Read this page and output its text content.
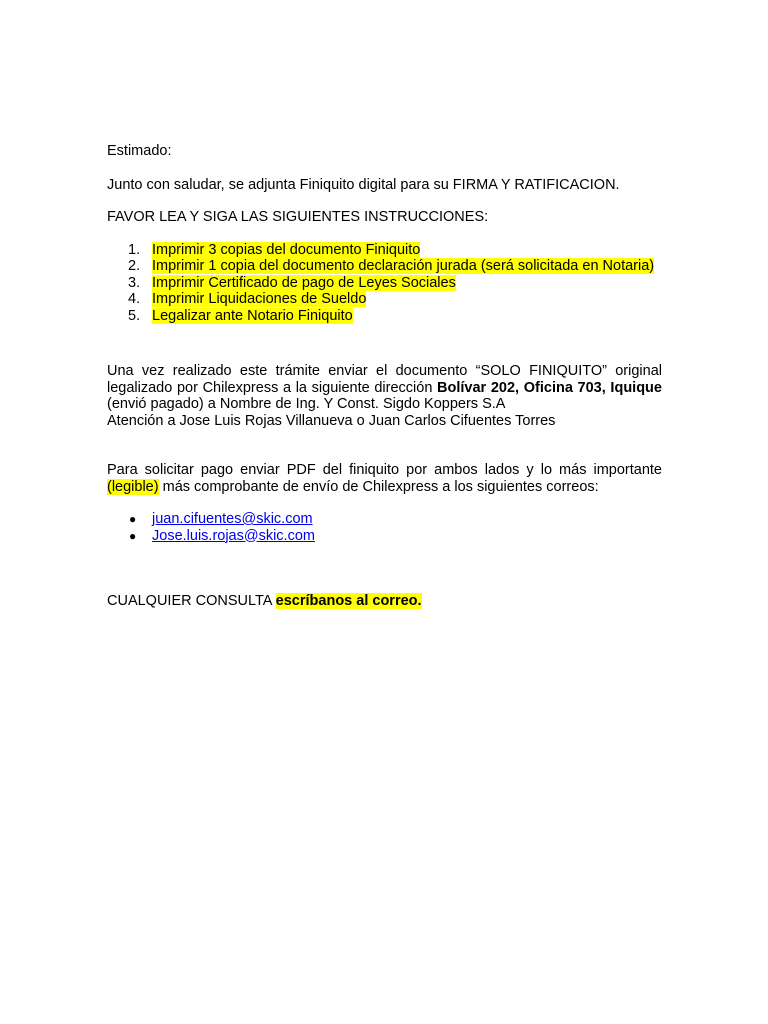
Estimado:

Junto con saludar, se adjunta Finiquito digital para su FIRMA Y RATIFICACION.

FAVOR LEA Y SIGA LAS SIGUIENTES INSTRUCCIONES:

1. Imprimir 3 copias del documento Finiquito
2. Imprimir 1 copia del documento declaración jurada (será solicitada en Notaria)
3. Imprimir Certificado de pago de Leyes Sociales
4. Imprimir Liquidaciones de Sueldo
5. Legalizar ante Notario Finiquito

Una vez realizado este trámite enviar el documento “SOLO FINIQUITO” original legalizado por Chilexpress a la siguiente dirección Bolívar 202, Oficina 703, Iquique (envió pagado) a Nombre de Ing. Y Const. Sigdo Koppers S.A

Atención a Jose Luis Rojas Villanueva o Juan Carlos Cifuentes Torres

Para solicitar pago enviar PDF del finiquito por ambos lados y lo más importante (legible) más comprobante de envío de Chilexpress a los siguientes correos:

● juan.cifuentes@skic.com
● Jose.luis.rojas@skic.com

CUALQUIER CONSULTA escríbanos al correo.
